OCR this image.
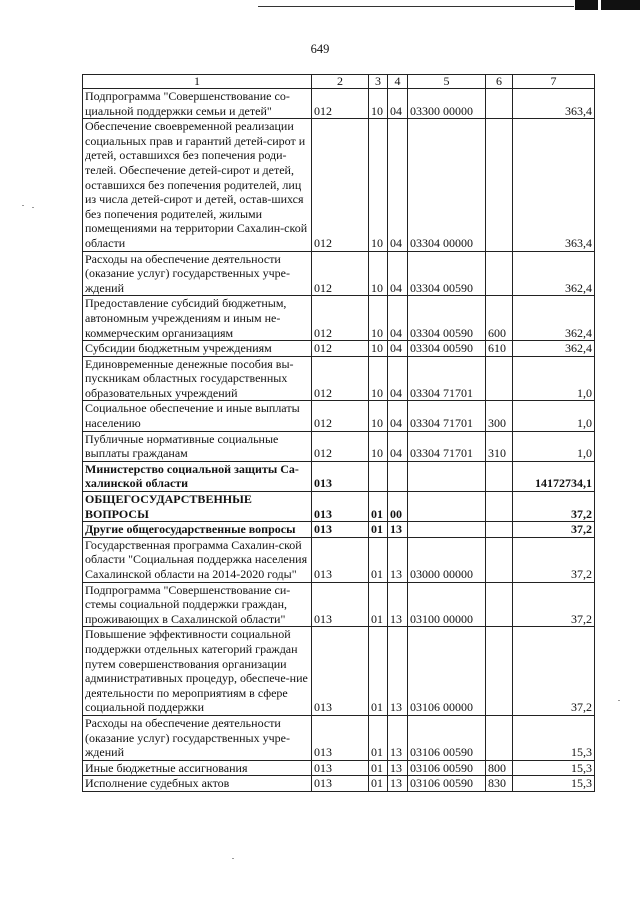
649
1	2	3	4	5	6	7
Подпрограмма "Совершенствование со-циальной поддержки семьи и детей"	012	10	04	03300 00000		363,4
Обеспечение своевременной реализации социальных прав и гарантий детей-сирот и детей, оставшихся без попечения роди-телей. Обеспечение детей-сирот и детей, оставшихся без попечения родителей, лиц из числа детей-сирот и детей, остав-шихся без попечения родителей, жилыми помещениями на территории Сахалин-ской области	012	10	04	03304 00000		363,4
Расходы на обеспечение деятельности (оказание услуг) государственных учре-ждений	012	10	04	03304 00590		362,4
Предоставление субсидий бюджетным, автономным учреждениям и иным не-коммерческим организациям	012	10	04	03304 00590	600	362,4
Субсидии бюджетным учреждениям	012	10	04	03304 00590	610	362,4
Единовременные денежные пособия вы-пускникам областных государственных образовательных учреждений	012	10	04	03304 71701		1,0
Социальное обеспечение и иные выплаты населению	012	10	04	03304 71701	300	1,0
Публичные нормативные социальные выплаты гражданам	012	10	04	03304 71701	310	1,0
Министерство социальной защиты Са-халинской области	013					14172734,1
ОБЩЕГОСУДАРСТВЕННЫЕ ВОПРОСЫ	013	01	00			37,2
Другие общегосударственные вопросы	013	01	13			37,2
Государственная программа Сахалин-ской области "Социальная поддержка населения Сахалинской области на 2014-2020 годы"	013	01	13	03000 00000		37,2
Подпрограмма "Совершенствование си-стемы социальной поддержки граждан, проживающих в Сахалинской области"	013	01	13	03100 00000		37,2
Повышение эффективности социальной поддержки отдельных категорий граждан путем совершенствования организации административных процедур, обеспече-ние деятельности по мероприятиям в сфере социальной поддержки	013	01	13	03106 00000		37,2
Расходы на обеспечение деятельности (оказание услуг) государственных учре-ждений	013	01	13	03106 00590		15,3
Иные бюджетные ассигнования	013	01	13	03106 00590	800	15,3
Исполнение судебных актов	013	01	13	03106 00590	830	15,3
